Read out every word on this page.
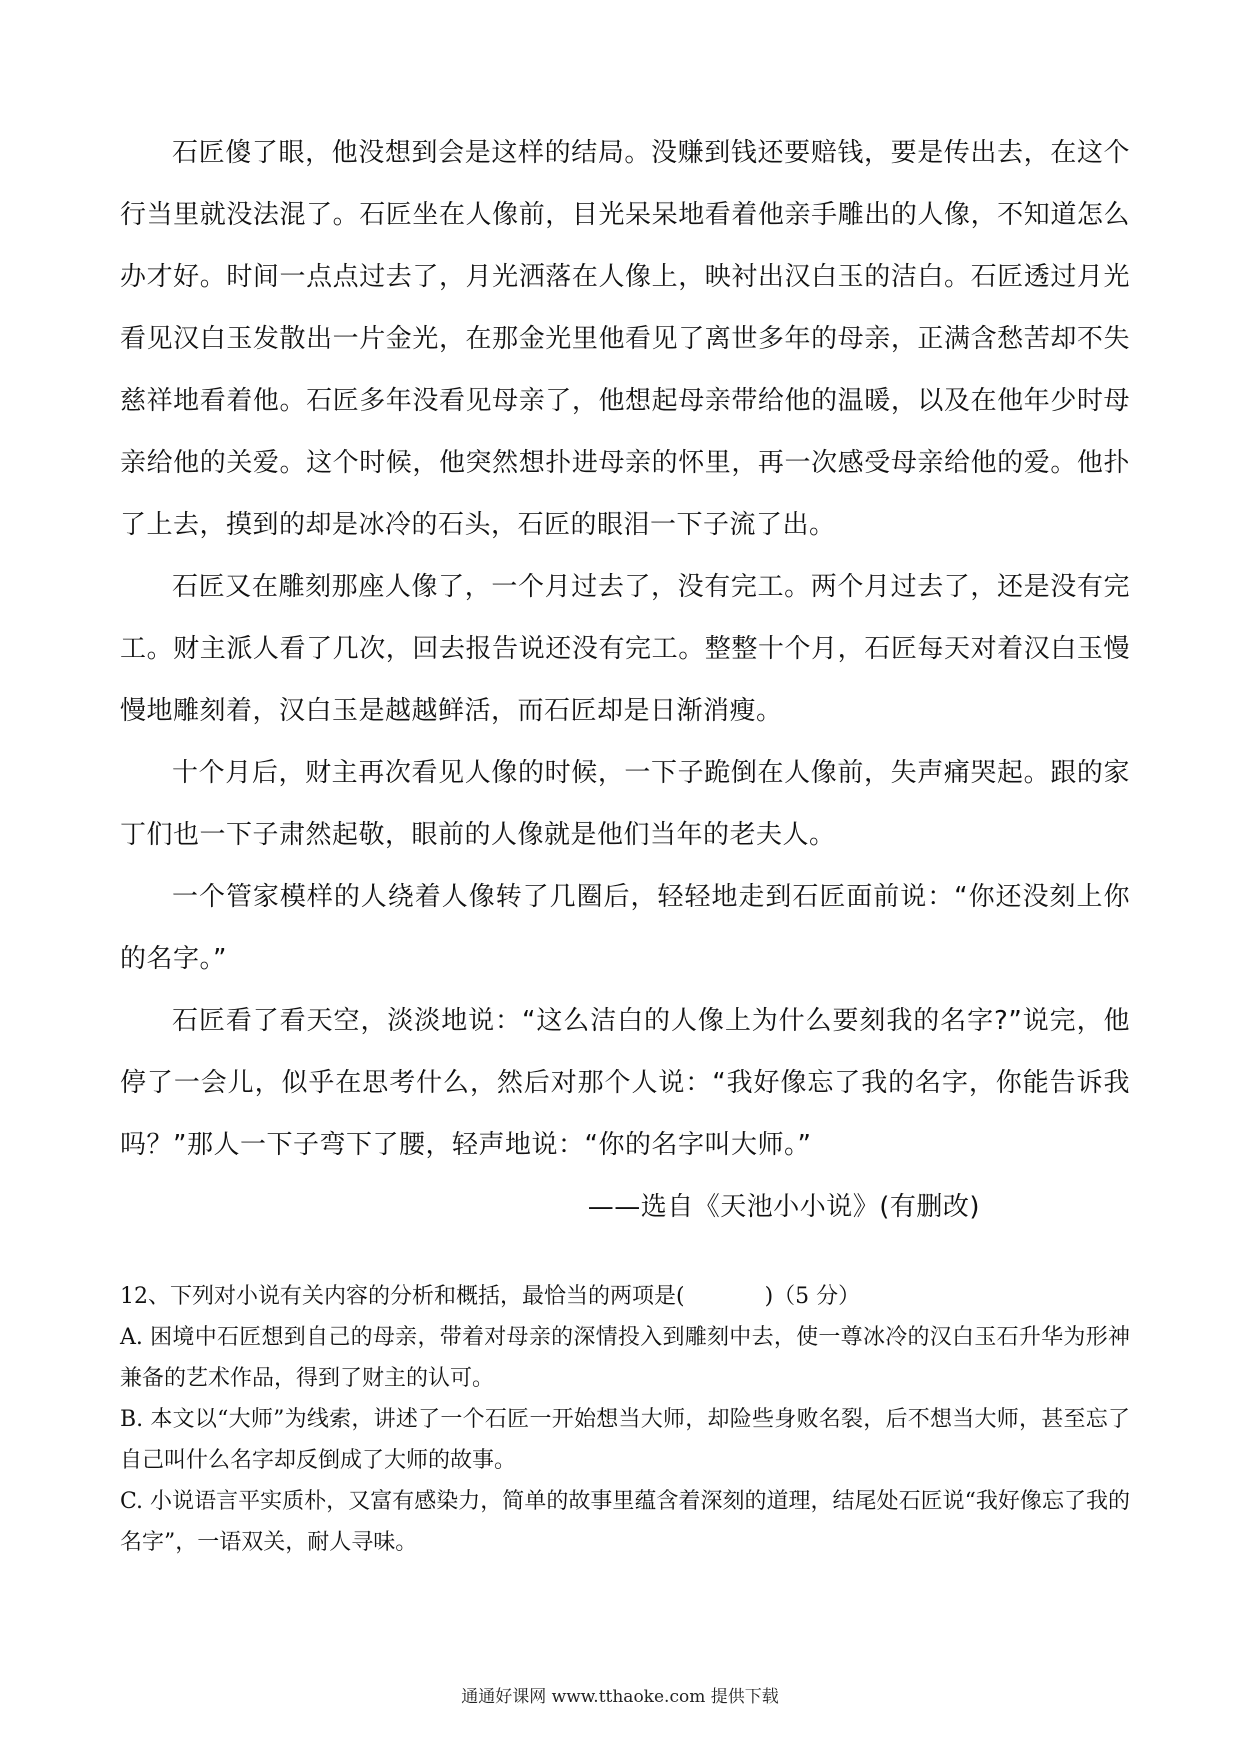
石匠傻了眼，他没想到会是这样的结局。没赚到钱还要赔钱，要是传出去，在这个行当里就没法混了。石匠坐在人像前，目光呆呆地看着他亲手雕出的人像，不知道怎么办才好。时间一点点过去了，月光洒落在人像上，映衬出汉白玉的洁白。石匠透过月光看见汉白玉发散出一片金光，在那金光里他看见了离世多年的母亲，正满含愁苦却不失慈祥地看着他。石匠多年没看见母亲了，他想起母亲带给他的温暖，以及在他年少时母亲给他的关爱。这个时候，他突然想扑进母亲的怀里，再一次感受母亲给他的爱。他扑了上去，摸到的却是冰冷的石头，石匠的眼泪一下子流了出。

石匠又在雕刻那座人像了，一个月过去了，没有完工。两个月过去了，还是没有完工。财主派人看了几次，回去报告说还没有完工。整整十个月，石匠每天对着汉白玉慢慢地雕刻着，汉白玉是越越鲜活，而石匠却是日渐消瘦。

十个月后，财主再次看见人像的时候，一下子跪倒在人像前，失声痛哭起。跟的家丁们也一下子肃然起敬，眼前的人像就是他们当年的老夫人。

一个管家模样的人绕着人像转了几圈后，轻轻地走到石匠面前说：“你还没刻上你的名字。”

石匠看了看天空，淡淡地说：“这么洁白的人像上为什么要刻我的名字?”说完，他停了一会儿，似乎在思考什么，然后对那个人说：“我好像忘了我的名字，你能告诉我吗？”那人一下子弯下了腰，轻声地说：“你的名字叫大师。”

——选自《天池小小说》(有删改)

12、下列对小说有关内容的分析和概括，最恰当的两项是(	)（5 分）

A. 困境中石匠想到自己的母亲，带着对母亲的深情投入到雕刻中去，使一尊冰冷的汉白玉石升华为形神兼备的艺术作品，得到了财主的认可。

B. 本文以“大师”为线索，讲述了一个石匠一开始想当大师，却险些身败名裂，后不想当大师，甚至忘了自己叫什么名字却反倒成了大师的故事。

C. 小说语言平实质朴，又富有感染力，简单的故事里蕴含着深刻的道理，结尾处石匠说“我好像忘了我的名字”，一语双关，耐人寻味。

通通好课网 www.tthaoke.com 提供下载
